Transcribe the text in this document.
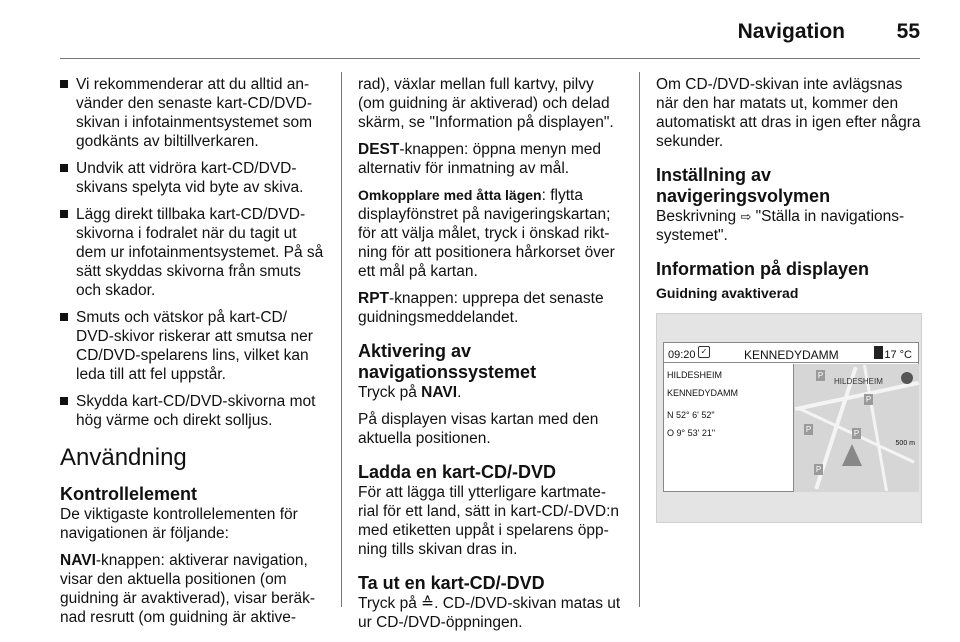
Navigation 55
Vi rekommenderar att du alltid an- vänder den senaste kart-CD/DVD- skivan i infotainmentsystemet som godkänts av biltillverkaren.
Undvik att vidröra kart-CD/DVD- skivans spelyta vid byte av skiva.
Lägg direkt tillbaka kart-CD/DVD- skivorna i fodralet när du tagit ut dem ur infotainmentsystemet. På så sätt skyddas skivorna från smuts och skador.
Smuts och vätskor på kart-CD/ DVD-skivor riskerar att smutsa ner CD/DVD-spelarens lins, vilket kan leda till att fel uppstår.
Skydda kart-CD/DVD-skivorna mot hög värme och direkt solljus.
Användning
Kontrollelement

De viktigaste kontrollelementen för navigationen är följande:

NAVI-knappen: aktiverar navigation, visar den aktuella positionen (om guidning är avaktiverad), visar beräk- nad resrutt (om guidning är aktive-

rad), växlar mellan full kartvy, pilvy (om guidning är aktiverad) och delad skärm, se "Information på displayen".

DEST-knappen: öppna menyn med alternativ för inmatning av mål.

Omkopplare med åtta lägen: flytta displayfönstret på navigeringskartan; för att välja målet, tryck i önskad rikt- ning för att positionera hårkorset över ett mål på kartan.

RPT-knappen: upprepa det senaste guidningsmeddelandet.

Aktivering av navigationssystemet

Tryck på NAVI.

På displayen visas kartan med den aktuella positionen.

Ladda en kart-CD/-DVD

För att lägga till ytterligare kartmate- rial för ett land, sätt in kart-CD/-DVD:n med etiketten uppåt i spelarens öpp- ning tills skivan dras in.

Ta ut en kart-CD/-DVD

Tryck på ≙. CD-/DVD-skivan matas ut ur CD-/DVD-öppningen.

Om CD-/DVD-skivan inte avlägsnas när den har matats ut, kommer den automatiskt att dras in igen efter några sekunder.

Inställning av navigeringsvolymen

Beskrivning ⇨ "Ställa in navigations- systemet".

Information på displayen
Guidning avaktiverad
09:20 ✓	KENNEDYDAMM	17 °C
HILDESHEIM
KENNEDYDAMM
N 52° 6' 52"
O 9° 53' 21"
HILDESHEIM
P
P
P	P
P
500 m
